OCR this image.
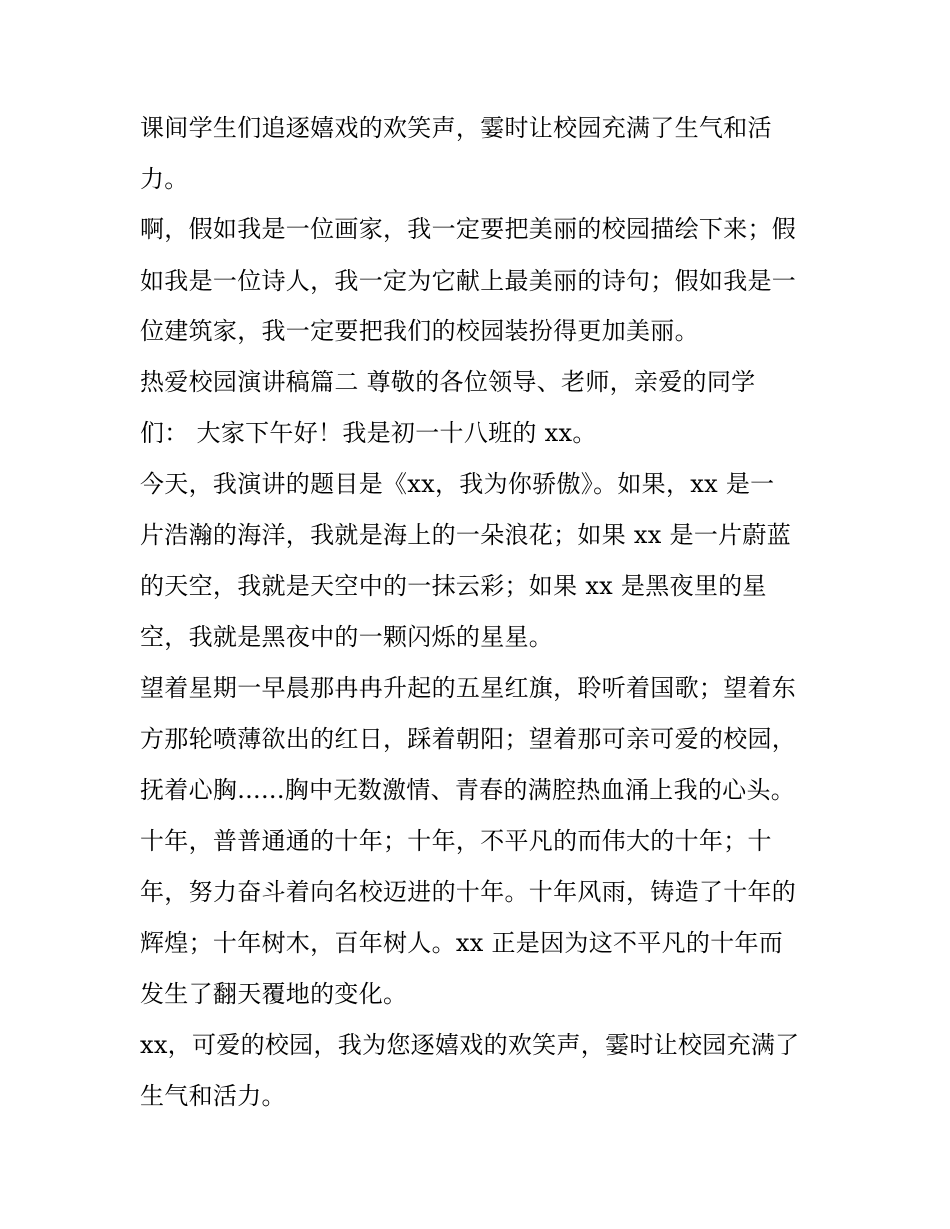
课间学生们追逐嬉戏的欢笑声，霎时让校园充满了生气和活
力。
啊，假如我是一位画家，我一定要把美丽的校园描绘下来；假
如我是一位诗人，我一定为它献上最美丽的诗句；假如我是一
位建筑家，我一定要把我们的校园装扮得更加美丽。
热爱校园演讲稿篇二 尊敬的各位领导、老师，亲爱的同学
们： 大家下午好！我是初一十八班的 xx。
今天，我演讲的题目是《xx，我为你骄傲》。如果，xx 是一
片浩瀚的海洋，我就是海上的一朵浪花；如果 xx 是一片蔚蓝
的天空，我就是天空中的一抹云彩；如果 xx 是黑夜里的星
空，我就是黑夜中的一颗闪烁的星星。
望着星期一早晨那冉冉升起的五星红旗，聆听着国歌；望着东
方那轮喷薄欲出的红日，踩着朝阳；望着那可亲可爱的校园，
抚着心胸......胸中无数激情、青春的满腔热血涌上我的心头。
十年，普普通通的十年；十年，不平凡的而伟大的十年；十
年，努力奋斗着向名校迈进的十年。十年风雨，铸造了十年的
辉煌；十年树木，百年树人。xx 正是因为这不平凡的十年而
发生了翻天覆地的变化。
xx，可爱的校园，我为您逐嬉戏的欢笑声，霎时让校园充满了
生气和活力。
